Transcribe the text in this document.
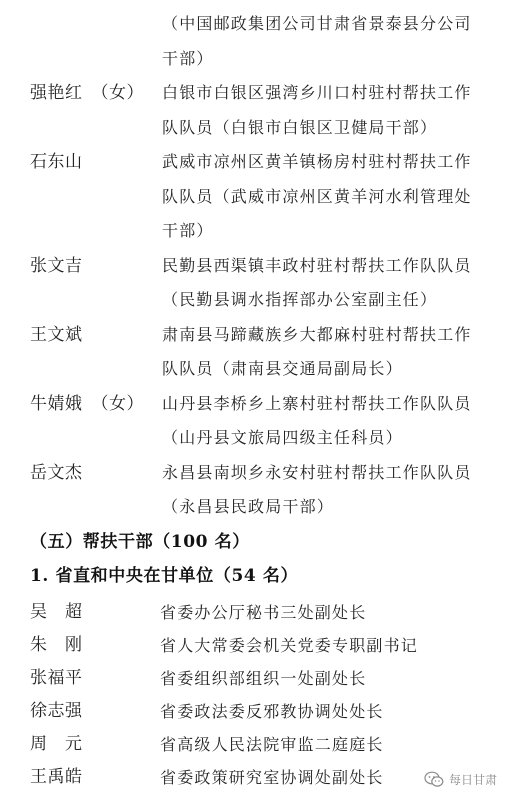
（中国邮政集团公司甘肃省景泰县分公司
干部）
强艳红　（女） 白银市白银区强湾乡川口村驻村帮扶工作
队队员（白银市白银区卫健局干部）
石东山	武威市凉州区黄羊镇杨房村驻村帮扶工作
队队员（武威市凉州区黄羊河水利管理处
干部）
张文吉	民勤县西渠镇丰政村驻村帮扶工作队队员
（民勤县调水指挥部办公室副主任）
王文斌	肃南县马蹄藏族乡大都麻村驻村帮扶工作
队队员（肃南县交通局副局长）
牛婧娥　（女） 山丹县李桥乡上寨村驻村帮扶工作队队员
（山丹县文旅局四级主任科员）
岳文杰	永昌县南坝乡永安村驻村帮扶工作队队员
（永昌县民政局干部）
（五）帮扶干部（100 名）
1. 省直和中央在甘单位（54 名）
吴　超	省委办公厅秘书三处副处长
朱　刚	省人大常委会机关党委专职副书记
张福平	省委组织部组织一处副处长
徐志强	省委政法委反邪教协调处处长
周　元	省高级人民法院审监二庭庭长
王禹皓	省委政策研究室协调处副处长	每日甘肃
